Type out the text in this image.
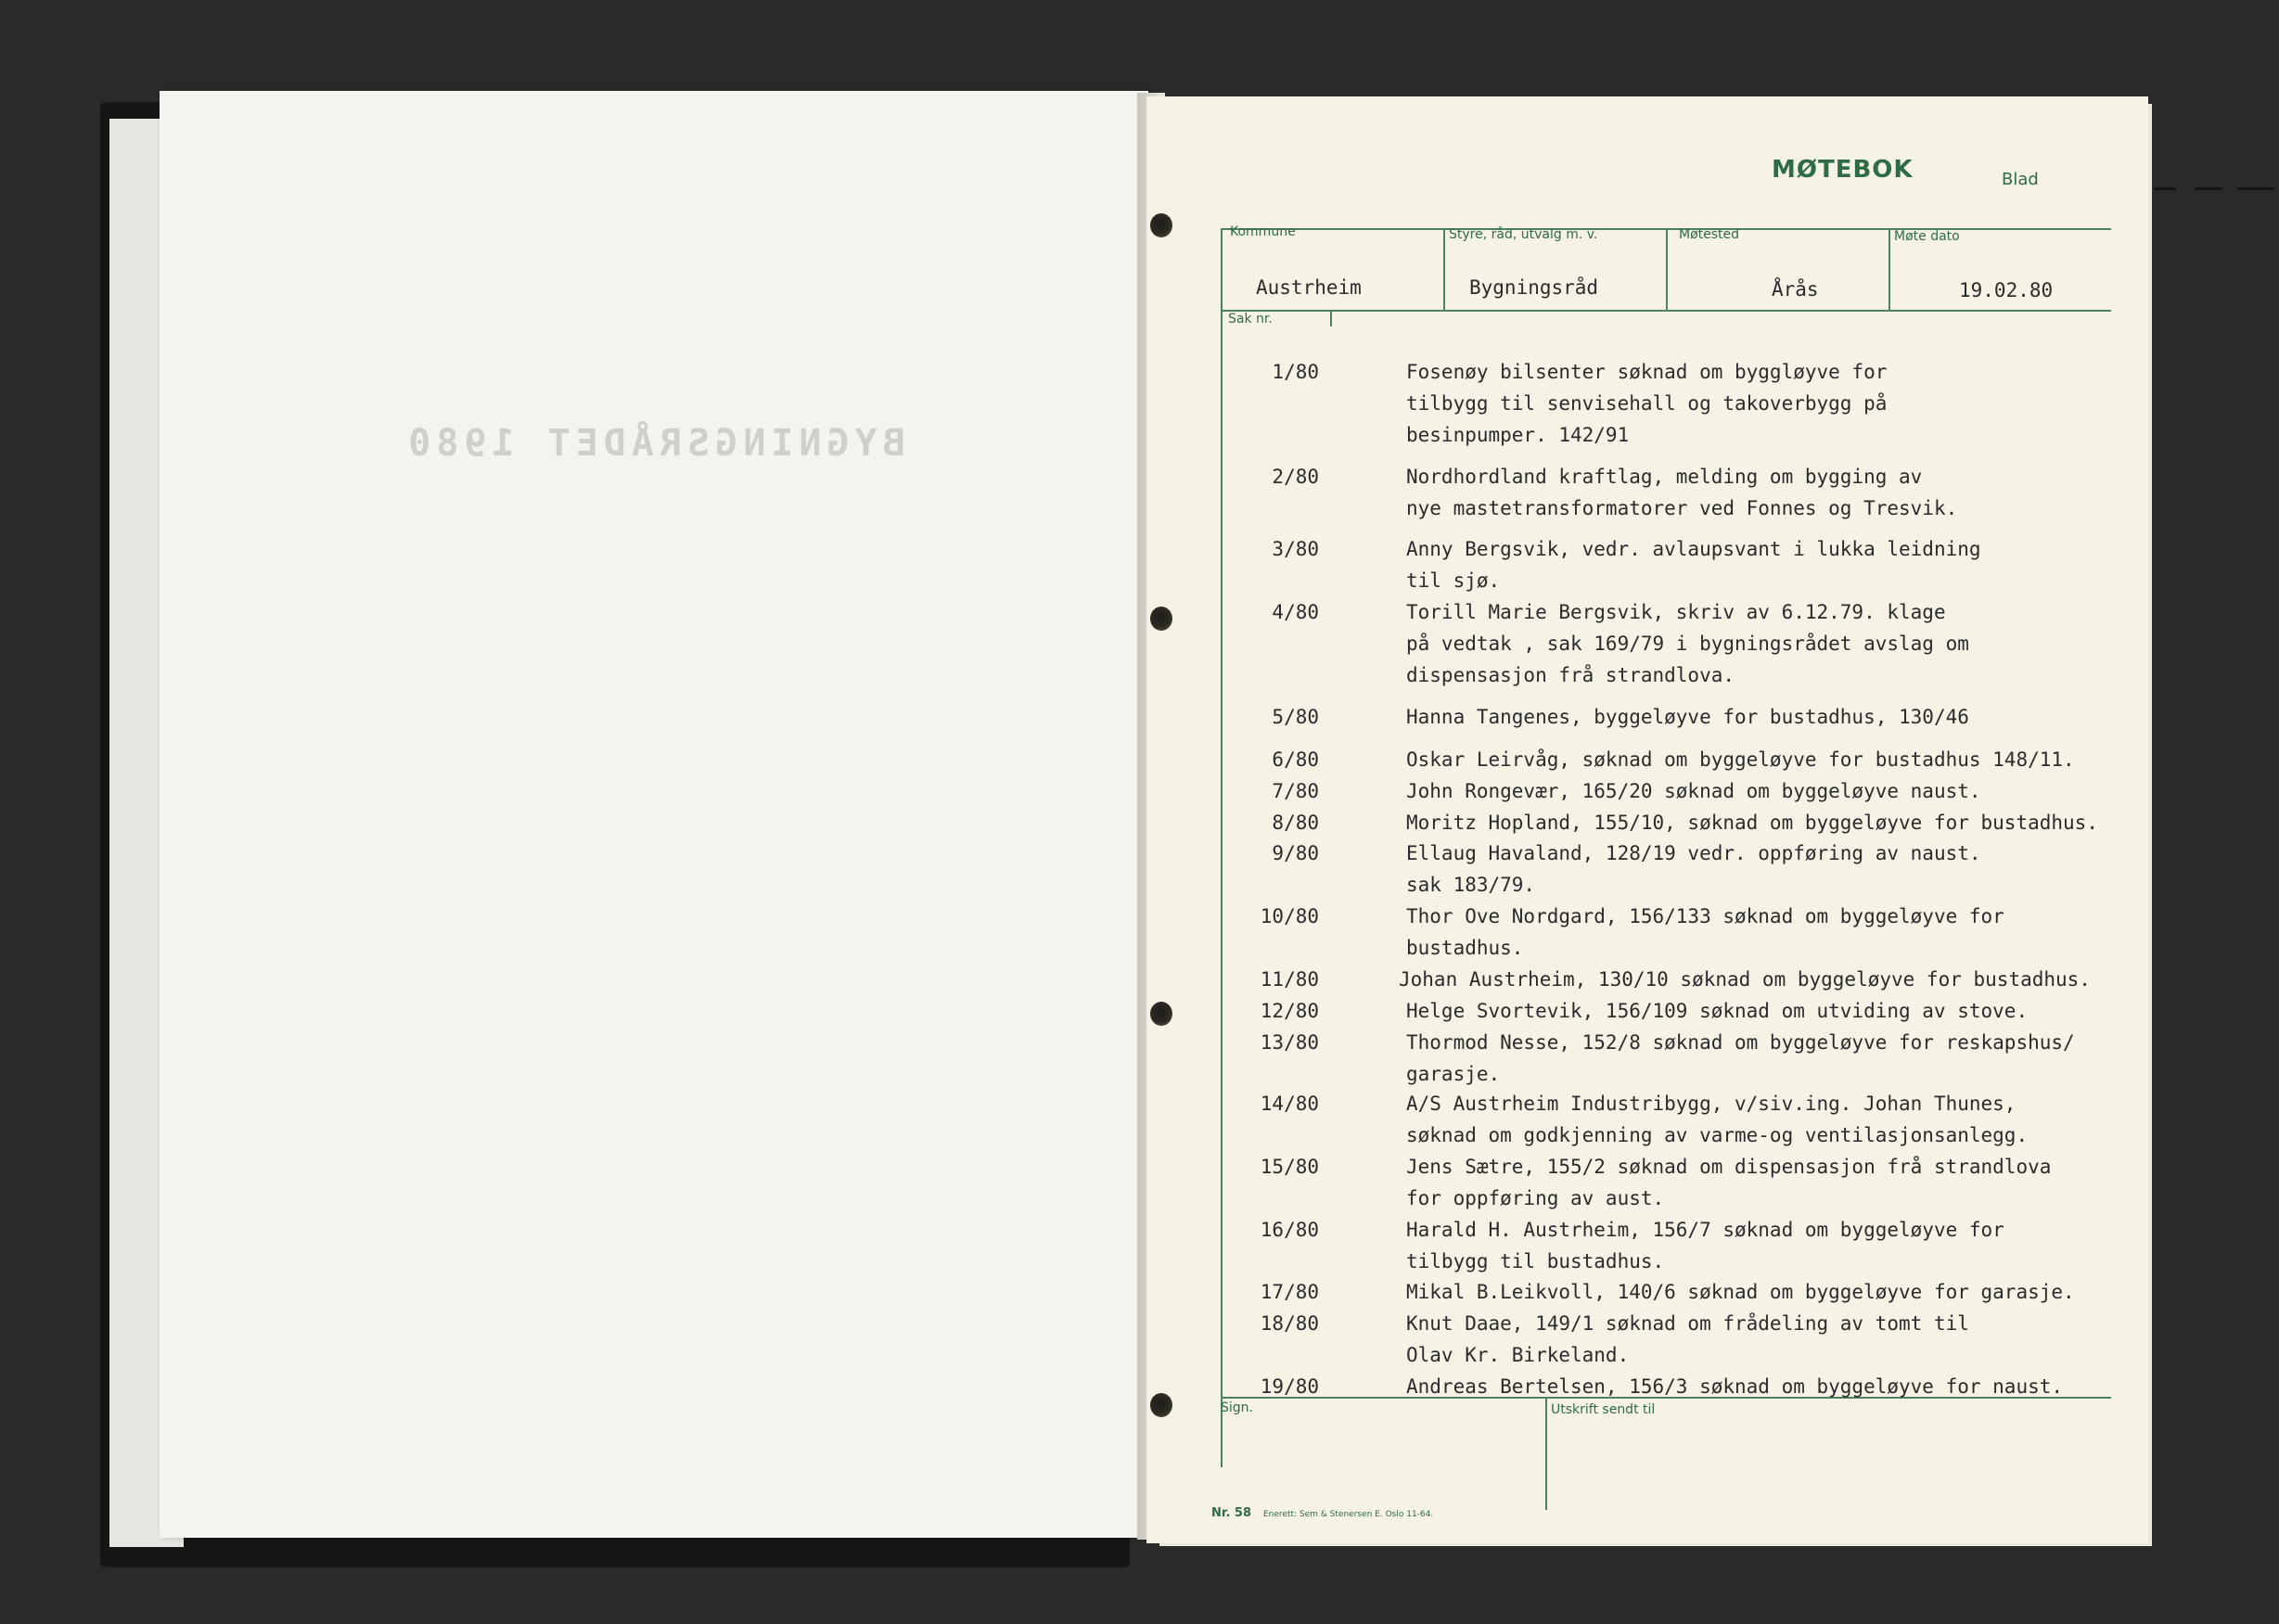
BYGNINGSRÅDET 1980
MØTEBOK	Blad
Kommune	Styre, råd, utvalg m. v.	Møtested	Møte dato
Sak nr.
Sign.	Utskrift sendt til
Austrheim	Bygningsråd	Årås	19.02.80
1/80	Fosenøy bilsenter søknad om byggløyve for
tilbygg til senvisehall og takoverbygg på
besinpumper. 142/91
2/80	Nordhordland kraftlag, melding om bygging av
nye mastetransformatorer ved Fonnes og Tresvik.
3/80	Anny Bergsvik, vedr. avlaupsvant i lukka leidning
til sjø.
4/80	Torill Marie Bergsvik, skriv av 6.12.79. klage
på vedtak , sak 169/79 i bygningsrådet avslag om
dispensasjon frå strandlova.
5/80	Hanna Tangenes, byggeløyve for bustadhus, 130/46
6/80	Oskar Leirvåg, søknad om byggeløyve for bustadhus 148/11.
7/80	John Rongevær, 165/20 søknad om byggeløyve naust.
8/80	Moritz Hopland, 155/10, søknad om byggeløyve for bustadhus.
9/80	Ellaug Havaland, 128/19 vedr. oppføring av naust.
sak 183/79.
10/80	Thor Ove Nordgard, 156/133 søknad om byggeløyve for
bustadhus.
11/80	Johan Austrheim, 130/10 søknad om byggeløyve for bustadhus.
12/80	Helge Svortevik, 156/109 søknad om utviding av stove.
13/80	Thormod Nesse, 152/8 søknad om byggeløyve for reskapshus/
garasje.
14/80	A/S Austrheim Industribygg, v/siv.ing. Johan Thunes,
søknad om godkjenning av varme-og ventilasjonsanlegg.
15/80	Jens Sætre, 155/2 søknad om dispensasjon frå strandlova
for oppføring av aust.
16/80	Harald H. Austrheim, 156/7 søknad om byggeløyve for
tilbygg til bustadhus.
17/80	Mikal B.Leikvoll, 140/6 søknad om byggeløyve for garasje.
18/80	Knut Daae, 149/1 søknad om frådeling av tomt til
Olav Kr. Birkeland.
19/80	Andreas Bertelsen, 156/3 søknad om byggeløyve for naust.
Nr. 58 Enerett: Sem & Stenersen E. Oslo 11-64.
